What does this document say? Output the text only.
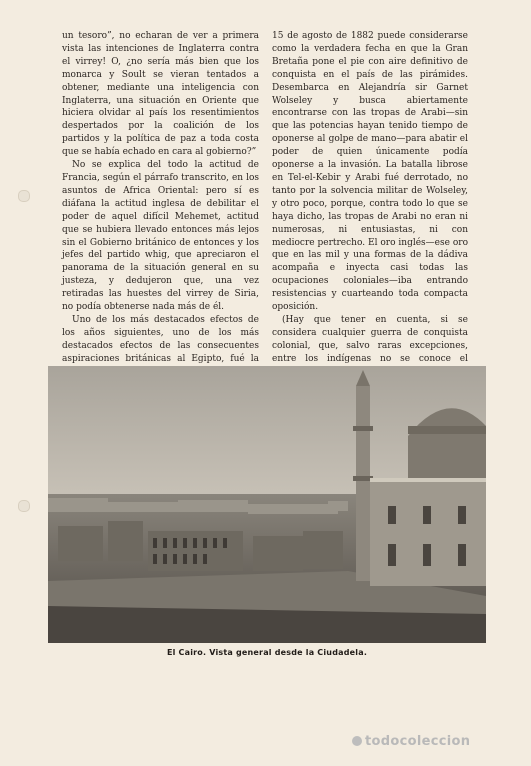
un tesoro”, no echaran de ver a primera vista las intenciones de Inglaterra contra el virrey! O, ¿no sería más bien que los monarca y Soult se vieran tentados a obtener, mediante una inteligencia con Inglaterra, una situación en Oriente que hiciera olvidar al país los resentimientos despertados por la coalición de los partidos y la política de paz a toda costa que se había echado en cara al gobierno?”

No se explica del todo la actitud de Francia, según el párrafo transcrito, en los asuntos de Africa Oriental: pero sí es diáfana la actitud inglesa de debilitar el poder de aquel difícil Mehemet, actitud que se hubiera llevado entonces más lejos sin el Gobierno británico de entonces y los jefes del partido whig, que apreciaron el panorama de la situación general en su justeza, y dedujeron que, una vez retiradas las huestes del virrey de Siria, no podía obtenerse nada más de él.

Uno de los más destacados efectos de los años siguientes, uno de los más destacados efectos de las consecuentes aspiraciones británicas al Egipto, fué la

15 de agosto de 1882 puede considerarse como la verdadera fecha en que la Gran Bretaña pone el pie con aire definitivo de conquista en el país de las pirámides. Desembarca en Alejandría sir Garnet Wolseley y busca abiertamente encontrarse con las tropas de Arabi—sin que las potencias hayan tenido tiempo de oponerse al golpe de mano—para abatir el poder de quien únicamente podía oponerse a la invasión. La batalla librose en Tel-el-Kebir y Arabi fué derrotado, no tanto por la solvencia militar de Wolseley, y otro poco, porque, contra todo lo que se haya dicho, las tropas de Arabi no eran ni numerosas, ni entusiastas, ni con mediocre pertrecho. El oro inglés—ese oro que en las mil y una formas de la dádiva acompaña e inyecta casi todas las ocupaciones coloniales—iba entrando resistencias y cuarteando toda compacta oposición.

(Hay que tener en cuenta, si se considera cualquier guerra de conquista colonial, que, salvo raras excepciones, entre los indígenas no se conoce el

El Cairo. Vista general desde la Ciudadela.
todocoleccion
